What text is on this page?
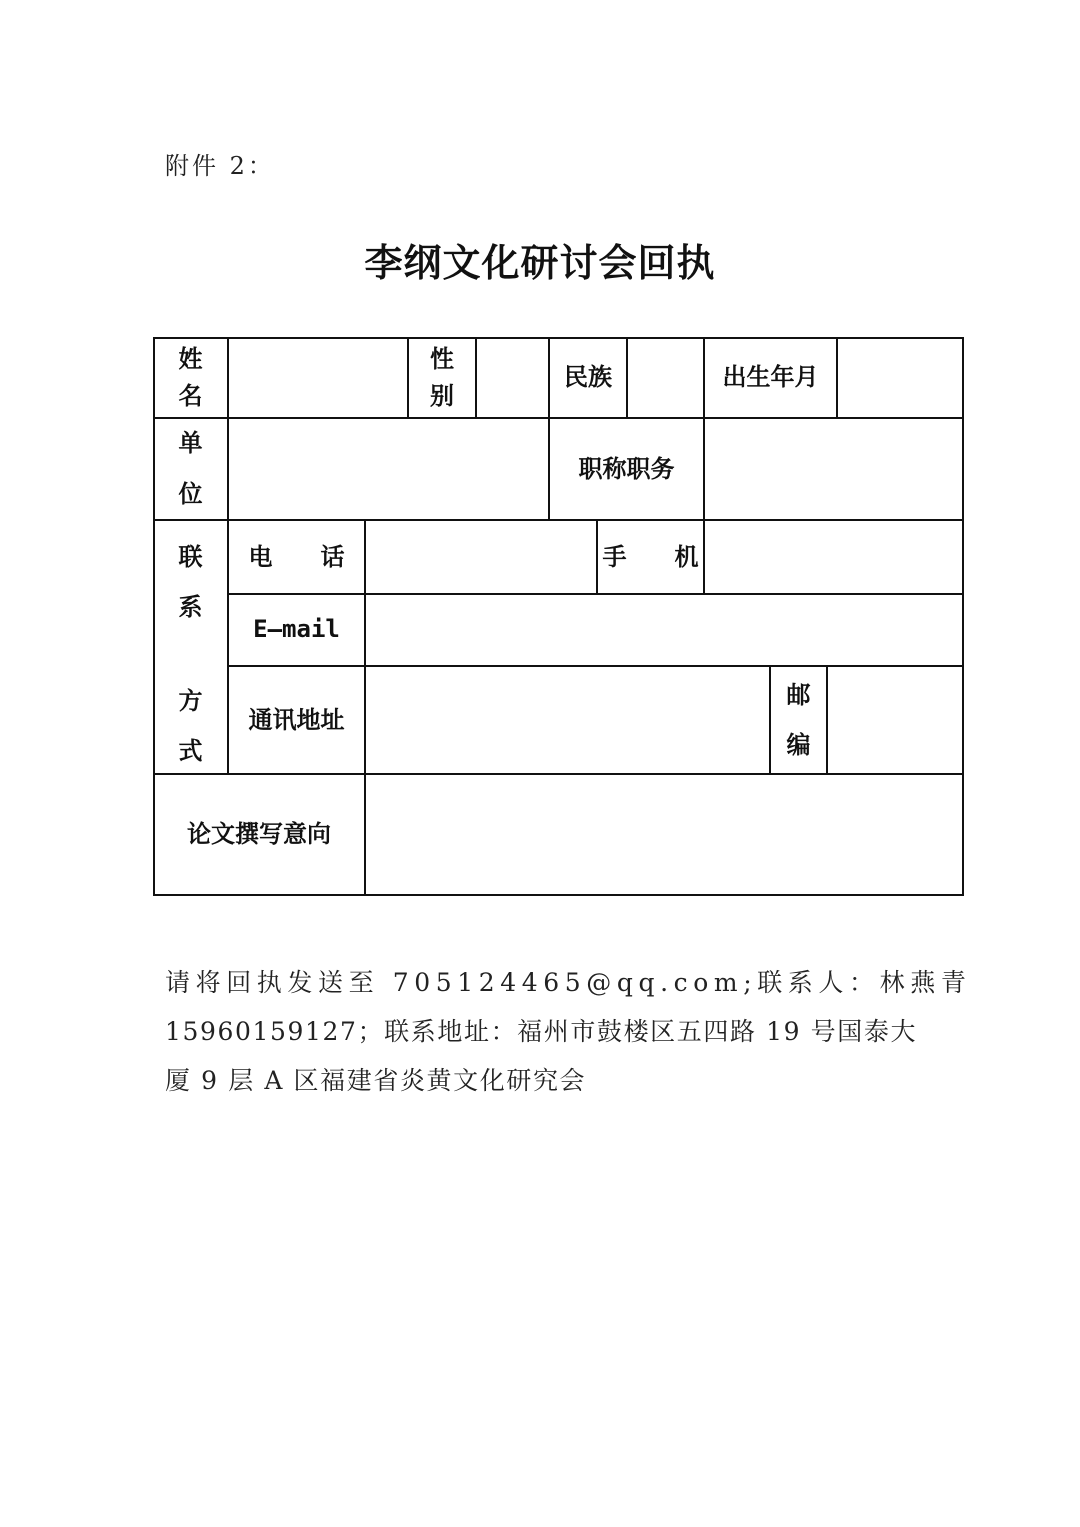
附件 2：
李纲文化研讨会回执
姓
名
性
别
民族	出生年月
单
位
职称职务
联
系
方
式
电　　话	手　　机
E—mail
通讯地址
邮
编
论文撰写意向

请将回执发送至 705124465@qq.com;联系人：林燕青

15960159127；联系地址：福州市鼓楼区五四路 19 号国泰大

厦 9 层 A 区福建省炎黄文化研究会
